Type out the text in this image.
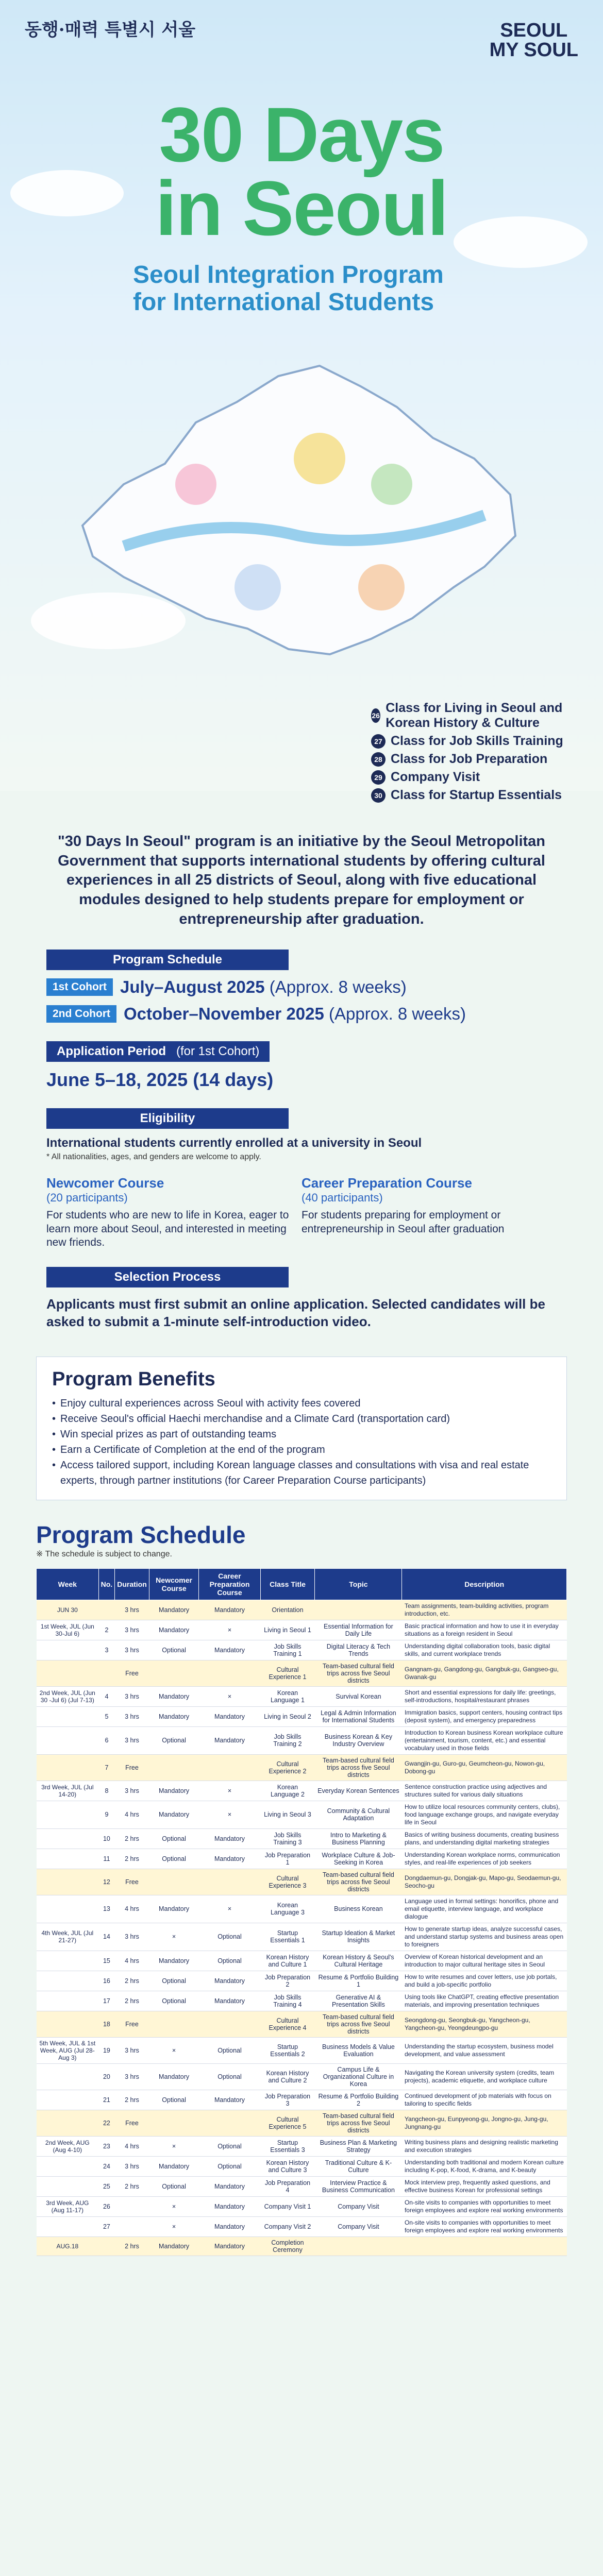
동행·매력 특별시 서울	SEOUL
MY SOUL
30 Days
in Seoul
Seoul Integration Program for International Students
26
Class for Living in Seoul and Korean History & Culture
27 Class for Job Skills Training
28 Class for Job Preparation
29 Company Visit
30 Class for Startup Essentials
"30 Days In Seoul" program is an initiative by the Seoul Metropolitan Government that supports international students by offering cultural experiences in all 25 districts of Seoul, along with five educational modules designed to help students prepare for employment or entrepreneurship after graduation.
Program Schedule
1st Cohort July–August 2025 (Approx. 8 weeks)
2nd Cohort October–November 2025 (Approx. 8 weeks)
Application Period (for 1st Cohort)
June 5–18, 2025 (14 days)
Eligibility
International students currently enrolled at a university in Seoul
* All nationalities, ages, and genders are welcome to apply.
Newcomer Course
(20 participants)

For students who are new to life in Korea, eager to learn more about Seoul, and interested in meeting new friends.

Career Preparation Course
(40 participants)

For students preparing for employment or entrepreneurship in Seoul after graduation

Selection Process
Applicants must first submit an online application. Selected candidates will be asked to submit a 1-minute self-introduction video.
Program Benefits
• Enjoy cultural experiences across Seoul with activity fees covered
• Receive Seoul's official Haechi merchandise and a Climate Card (transportation card)
• Win special prizes as part of outstanding teams
• Earn a Certificate of Completion at the end of the program
• Access tailored support, including Korean language classes and consultations with visa and real estate experts, through partner institutions (for Career Preparation Course participants)
Program Schedule
※ The schedule is subject to change.
Week	No.	Duration	Newcomer Course	Career Preparation Course	Class Title	Topic	Description
JUN 30		3 hrs	Mandatory	Mandatory	Orientation		Team assignments, team-building activities, program introduction, etc.
1st Week, JUL (Jun 30-Jul 6)	2	3 hrs	Mandatory	×	Living in Seoul 1	Essential Information for Daily Life	Basic practical information and how to use it in everyday situations as a foreign resident in Seoul
	3	3 hrs	Optional	Mandatory	Job Skills Training 1	Digital Literacy & Tech Trends	Understanding digital collaboration tools, basic digital skills, and current workplace trends
		Free			Cultural Experience 1	Team-based cultural field trips across five Seoul districts	Gangnam-gu, Gangdong-gu, Gangbuk-gu, Gangseo-gu, Gwanak-gu
2nd Week, JUL (Jun 30 -Jul 6) (Jul 7-13)	4	3 hrs	Mandatory	×	Korean Language 1	Survival Korean	Short and essential expressions for daily life: greetings, self-introductions, hospital/restaurant phrases
	5	3 hrs	Mandatory	Mandatory	Living in Seoul 2	Legal & Admin Information for International Students	Immigration basics, support centers, housing contract tips (deposit system), and emergency preparedness
	6	3 hrs	Optional	Mandatory	Job Skills Training 2	Business Korean & Key Industry Overview	Introduction to Korean business Korean workplace culture (entertainment, tourism, content, etc.) and essential vocabulary used in those fields
	7	Free			Cultural Experience 2	Team-based cultural field trips across five Seoul districts	Gwangjin-gu, Guro-gu, Geumcheon-gu, Nowon-gu, Dobong-gu
3rd Week, JUL (Jul 14-20)	8	3 hrs	Mandatory	×	Korean Language 2	Everyday Korean Sentences	Sentence construction practice using adjectives and structures suited for various daily situations
	9	4 hrs	Mandatory	×	Living in Seoul 3	Community & Cultural Adaptation	How to utilize local resources community centers, clubs), food language exchange groups, and navigate everyday life in Seoul
	10	2 hrs	Optional	Mandatory	Job Skills Training 3	Intro to Marketing & Business Planning	Basics of writing business documents, creating business plans, and understanding digital marketing strategies
	11	2 hrs	Optional	Mandatory	Job Preparation 1	Workplace Culture & Job-Seeking in Korea	Understanding Korean workplace norms, communication styles, and real-life experiences of job seekers
	12	Free			Cultural Experience 3	Team-based cultural field trips across five Seoul districts	Dongdaemun-gu, Dongjak-gu, Mapo-gu, Seodaemun-gu, Seocho-gu
	13	4 hrs	Mandatory	×	Korean Language 3	Business Korean	Language used in formal settings: honorifics, phone and email etiquette, interview language, and workplace dialogue
4th Week, JUL (Jul 21-27)	14	3 hrs	×	Optional	Startup Essentials 1	Startup Ideation & Market Insights	How to generate startup ideas, analyze successful cases, and understand startup systems and business areas open to foreigners
	15	4 hrs	Mandatory	Optional	Korean History and Culture 1	Korean History & Seoul's Cultural Heritage	Overview of Korean historical development and an introduction to major cultural heritage sites in Seoul
	16	2 hrs	Optional	Mandatory	Job Preparation 2	Resume & Portfolio Building 1	How to write resumes and cover letters, use job portals, and build a job-specific portfolio
	17	2 hrs	Optional	Mandatory	Job Skills Training 4	Generative AI & Presentation Skills	Using tools like ChatGPT, creating effective presentation materials, and improving presentation techniques
	18	Free			Cultural Experience 4	Team-based cultural field trips across five Seoul districts	Seongdong-gu, Seongbuk-gu, Yangcheon-gu, Yangcheon-gu, Yeongdeungpo-gu
5th Week, JUL & 1st Week, AUG (Jul 28-Aug 3)	19	3 hrs	×	Optional	Startup Essentials 2	Business Models & Value Evaluation	Understanding the startup ecosystem, business model development, and value assessment
	20	3 hrs	Mandatory	Optional	Korean History and Culture 2	Campus Life & Organizational Culture in Korea	Navigating the Korean university system (credits, team projects), academic etiquette, and workplace culture
	21	2 hrs	Optional	Mandatory	Job Preparation 3	Resume & Portfolio Building 2	Continued development of job materials with focus on tailoring to specific fields
	22	Free			Cultural Experience 5	Team-based cultural field trips across five Seoul districts	Yangcheon-gu, Eunpyeong-gu, Jongno-gu, Jung-gu, Jungnang-gu
2nd Week, AUG (Aug 4-10)	23	4 hrs	×	Optional	Startup Essentials 3	Business Plan & Marketing Strategy	Writing business plans and designing realistic marketing and execution strategies
	24	3 hrs	Mandatory	Optional	Korean History and Culture 3	Traditional Culture & K-Culture	Understanding both traditional and modern Korean culture including K-pop, K-food, K-drama, and K-beauty
	25	2 hrs	Optional	Mandatory	Job Preparation 4	Interview Practice & Business Communication	Mock interview prep, frequently asked questions, and effective business Korean for professional settings
3rd Week, AUG (Aug 11-17)	26		×	Mandatory	Company Visit 1	Company Visit	On-site visits to companies with opportunities to meet foreign employees and explore real working environments
	27		×	Mandatory	Company Visit 2	Company Visit	On-site visits to companies with opportunities to meet foreign employees and explore real working environments
AUG.18		2 hrs	Mandatory	Mandatory	Completion Ceremony		
